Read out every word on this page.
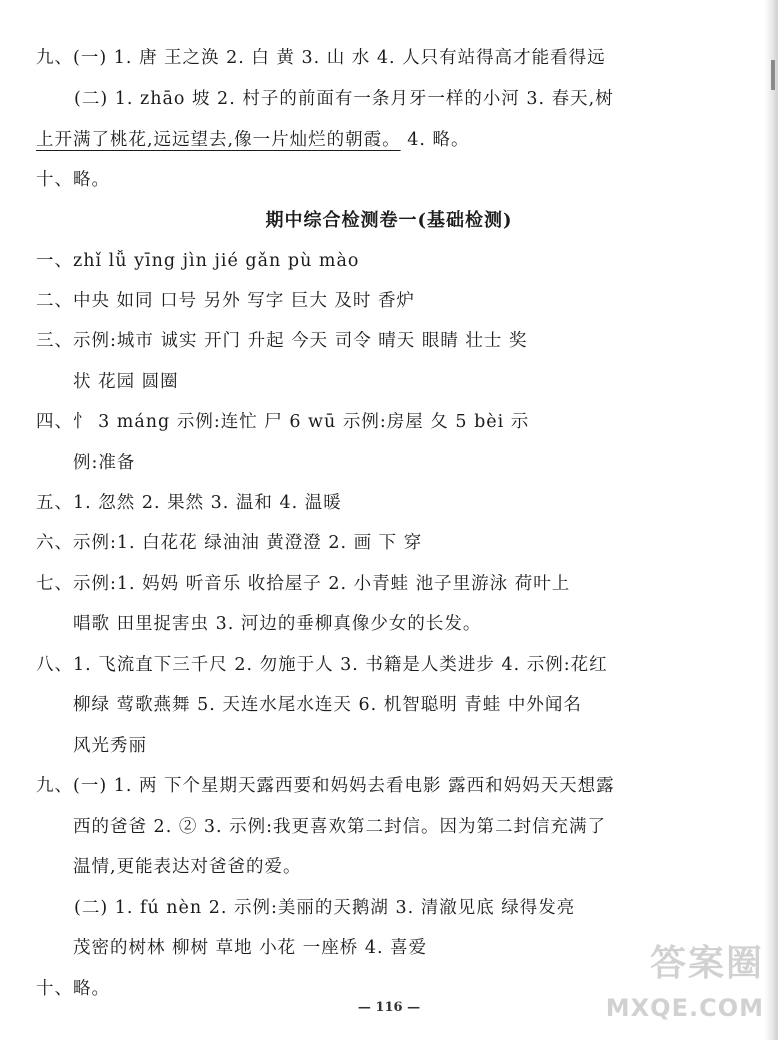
九、(一) 1. 唐 王之涣 2. 白 黄 3. 山 水 4. 人只有站得高才能看得远
(二) 1. zhāo 坡 2. 村子的前面有一条月牙一样的小河 3. 春天,树
上开满了桃花,远远望去,像一片灿烂的朝霞。 4. 略。
十、略。
期中综合检测卷一(基础检测)
一、zhǐ lǚ yīng jìn jié gǎn pù mào
二、中央 如同 口号 另外 写字 巨大 及时 香炉
三、示例:城市 诚实 开门 升起 今天 司令 晴天 眼睛 壮士 奖
状 花园 圆圈
四、忄 3 máng 示例:连忙 尸 6 wū 示例:房屋 夂 5 bèi 示
例:准备
五、1. 忽然 2. 果然 3. 温和 4. 温暖
六、示例:1. 白花花 绿油油 黄澄澄 2. 画 下 穿
七、示例:1. 妈妈 听音乐 收拾屋子 2. 小青蛙 池子里游泳 荷叶上
唱歌 田里捉害虫 3. 河边的垂柳真像少女的长发。
八、1. 飞流直下三千尺 2. 勿施于人 3. 书籍是人类进步 4. 示例:花红
柳绿 莺歌燕舞 5. 天连水尾水连天 6. 机智聪明 青蛙 中外闻名
风光秀丽
九、(一) 1. 两 下个星期天露西要和妈妈去看电影 露西和妈妈天天想露
西的爸爸 2. ② 3. 示例:我更喜欢第二封信。因为第二封信充满了
温情,更能表达对爸爸的爱。
(二) 1. fú nèn 2. 示例:美丽的天鹅湖 3. 清澈见底 绿得发亮
茂密的树林 柳树 草地 小花 一座桥 4. 喜爱
十、略。
— 116 —
答案圈
MXQE.COM
